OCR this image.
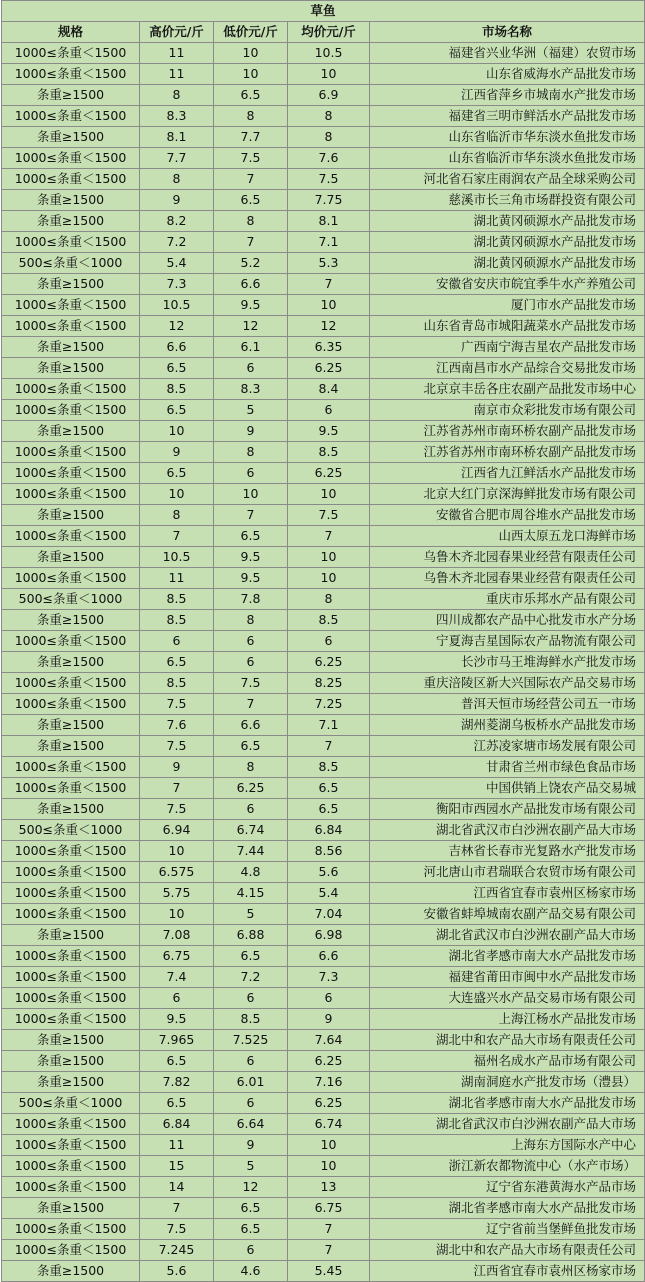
草鱼				
规格	高价元/斤	低价元/斤	均价元/斤	市场名称
1000≤条重＜1500	11	10	10.5	福建省兴业华洲（福建）农贸市场
1000≤条重＜1500	11	10	10	山东省威海水产品批发市场
条重≥1500	8	6.5	6.9	江西省萍乡市城南水产批发市场
1000≤条重＜1500	8.3	8	8	福建省三明市鲜活水产品批发市场
条重≥1500	8.1	7.7	8	山东省临沂市华东淡水鱼批发市场
1000≤条重＜1500	7.7	7.5	7.6	山东省临沂市华东淡水鱼批发市场
1000≤条重＜1500	8	7	7.5	河北省石家庄雨润农产品全球采购公司
条重≥1500	9	6.5	7.75	慈溪市长三角市场群投资有限公司
条重≥1500	8.2	8	8.1	湖北黄冈硕源水产品批发市场
1000≤条重＜1500	7.2	7	7.1	湖北黄冈硕源水产品批发市场
500≤条重＜1000	5.4	5.2	5.3	湖北黄冈硕源水产品批发市场
条重≥1500	7.3	6.6	7	安徽省安庆市皖宜季牛水产养殖公司
1000≤条重＜1500	10.5	9.5	10	厦门市水产品批发市场
1000≤条重＜1500	12	12	12	山东省青岛市城阳蔬菜水产品批发市场
条重≥1500	6.6	6.1	6.35	广西南宁海吉星农产品批发市场
条重≥1500	6.5	6	6.25	江西南昌市水产品综合交易批发市场
1000≤条重＜1500	8.5	8.3	8.4	北京京丰岳各庄农副产品批发市场中心
1000≤条重＜1500	6.5	5	6	南京市众彩批发市场有限公司
条重≥1500	10	9	9.5	江苏省苏州市南环桥农副产品批发市场
1000≤条重＜1500	9	8	8.5	江苏省苏州市南环桥农副产品批发市场
1000≤条重＜1500	6.5	6	6.25	江西省九江鲜活水产品批发市场
1000≤条重＜1500	10	10	10	北京大红门京深海鲜批发市场有限公司
条重≥1500	8	7	7.5	安徽省合肥市周谷堆水产品批发市场
1000≤条重＜1500	7	6.5	7	山西太原五龙口海鲜市场
条重≥1500	10.5	9.5	10	乌鲁木齐北园春果业经营有限责任公司
1000≤条重＜1500	11	9.5	10	乌鲁木齐北园春果业经营有限责任公司
500≤条重＜1000	8.5	7.8	8	重庆市乐邦水产品有限公司
条重≥1500	8.5	8	8.5	四川成都农产品中心批发市水产分场
1000≤条重＜1500	6	6	6	宁夏海吉星国际农产品物流有限公司
条重≥1500	6.5	6	6.25	长沙市马王堆海鲜水产批发市场
1000≤条重＜1500	8.5	7.5	8.25	重庆涪陵区新大兴国际农产品交易市场
1000≤条重＜1500	7.5	7	7.25	普洱天恒市场经营公司五一市场
条重≥1500	7.6	6.6	7.1	湖州菱湖乌板桥水产品批发市场
条重≥1500	7.5	6.5	7	江苏凌家塘市场发展有限公司
1000≤条重＜1500	9	8	8.5	甘肃省兰州市绿色食品市场
1000≤条重＜1500	7	6.25	6.5	中国供销上饶农产品交易城
条重≥1500	7.5	6	6.5	衡阳市西园水产品批发市场有限公司
500≤条重＜1000	6.94	6.74	6.84	湖北省武汉市白沙洲农副产品大市场
1000≤条重＜1500	10	7.44	8.56	吉林省长春市光复路水产批发市场
1000≤条重＜1500	6.575	4.8	5.6	河北唐山市君瑞联合农贸市场有限公司
1000≤条重＜1500	5.75	4.15	5.4	江西省宜春市袁州区杨家市场
1000≤条重＜1500	10	5	7.04	安徽省蚌埠城南农副产品交易有限公司
条重≥1500	7.08	6.88	6.98	湖北省武汉市白沙洲农副产品大市场
1000≤条重＜1500	6.75	6.5	6.6	湖北省孝感市南大水产品批发市场
1000≤条重＜1500	7.4	7.2	7.3	福建省莆田市闽中水产品批发市场
1000≤条重＜1500	6	6	6	大连盛兴水产品交易市场有限公司
1000≤条重＜1500	9.5	8.5	9	上海江杨水产品批发市场
条重≥1500	7.965	7.525	7.64	湖北中和农产品大市场有限责任公司
条重≥1500	6.5	6	6.25	福州名成水产品市场有限公司
条重≥1500	7.82	6.01	7.16	湖南洞庭水产批发市场（澧县）
500≤条重＜1000	6.5	6	6.25	湖北省孝感市南大水产品批发市场
1000≤条重＜1500	6.84	6.64	6.74	湖北省武汉市白沙洲农副产品大市场
1000≤条重＜1500	11	9	10	上海东方国际水产中心
1000≤条重＜1500	15	5	10	浙江新农都物流中心（水产市场）
1000≤条重＜1500	14	12	13	辽宁省东港黄海水产品市场
条重≥1500	7	6.5	6.75	湖北省孝感市南大水产品批发市场
1000≤条重＜1500	7.5	6.5	7	辽宁省前当堡鲜鱼批发市场
1000≤条重＜1500	7.245	6	7	湖北中和农产品大市场有限责任公司
条重≥1500	5.6	4.6	5.45	江西省宜春市袁州区杨家市场
